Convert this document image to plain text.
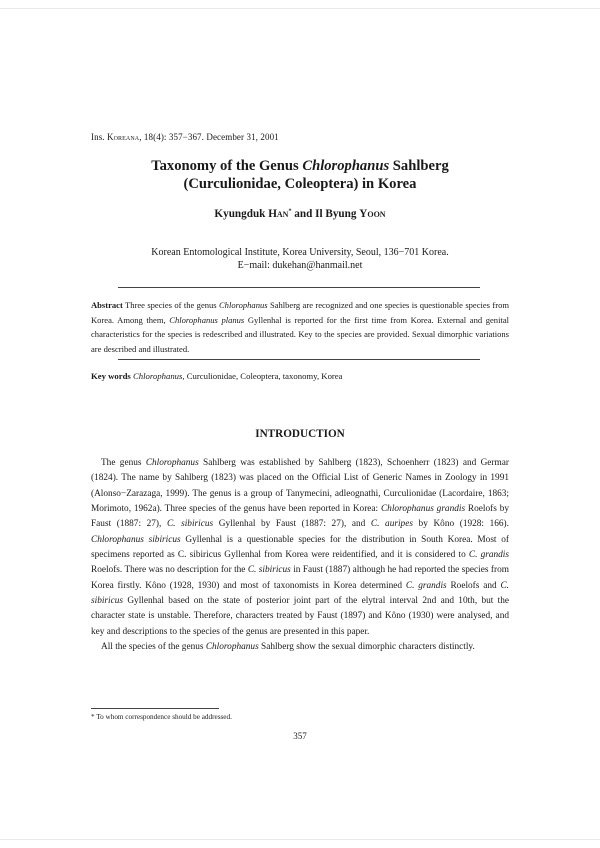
Ins. Koreana, 18(4): 357−367. December 31, 2001
Taxonomy of the Genus Chlorophanus Sahlberg
(Curculionidae, Coleoptera) in Korea
Kyungduk Han* and Il Byung Yoon
Korean Entomological Institute, Korea University, Seoul, 136−701 Korea.
E−mail: dukehan@hanmail.net
Abstract Three species of the genus Chlorophanus Sahlberg are recognized and one species is questionable species from Korea. Among them, Chlorophanus planus Gyllenhal is reported for the first time from Korea. External and genital characteristics for the species is redescribed and illustrated. Key to the species are provided. Sexual dimorphic variations are described and illustrated.
Key words Chlorophanus, Curculionidae, Coleoptera, taxonomy, Korea
INTRODUCTION

The genus Chlorophanus Sahlberg was established by Sahlberg (1823), Schoenherr (1823) and Germar (1824). The name by Sahlberg (1823) was placed on the Official List of Generic Names in Zoology in 1991 (Alonso−Zarazaga, 1999). The genus is a group of Tanymecini, adleognathi, Curculionidae (Lacordaire, 1863; Morimoto, 1962a). Three species of the genus have been reported in Korea: Chlorophanus grandis Roelofs by Faust (1887: 27), C. sibiricus Gyllenhal by Faust (1887: 27), and C. auripes by Kôno (1928: 166). Chlorophanus sibiricus Gyllenhal is a questionable species for the distribution in South Korea. Most of specimens reported as C. sibiricus Gyllenhal from Korea were reidentified, and it is considered to C. grandis Roelofs. There was no description for the C. sibiricus in Faust (1887) although he had reported the species from Korea firstly. Kôno (1928, 1930) and most of taxonomists in Korea determined C. grandis Roelofs and C. sibiricus Gyllenhal based on the state of posterior joint part of the elytral interval 2nd and 10th, but the character state is unstable. Therefore, characters treated by Faust (1897) and Kôno (1930) were analysed, and key and descriptions to the species of the genus are presented in this paper.

All the species of the genus Chlorophanus Sahlberg show the sexual dimorphic characters distinctly.

* To whom correspondence should be addressed.
357
